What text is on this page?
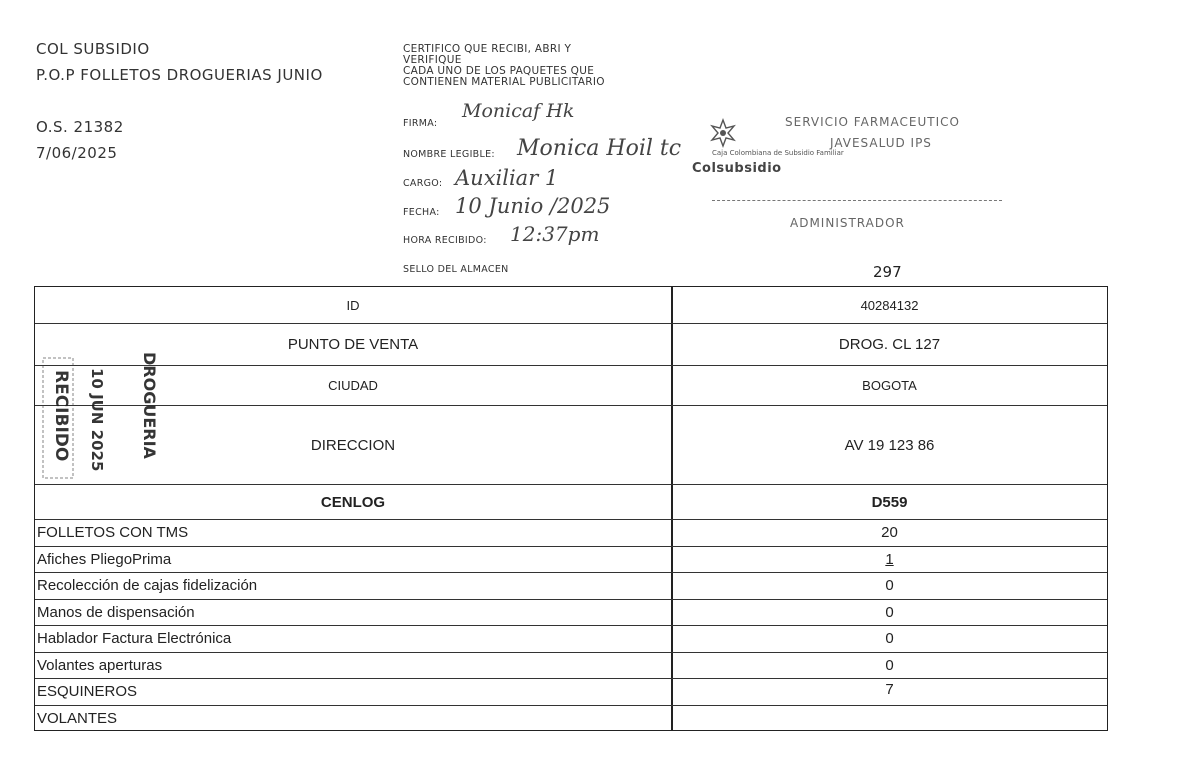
COL SUBSIDIO
P.O.P FOLLETOS DROGUERIAS JUNIO
O.S. 21382
7/06/2025
CERTIFICO QUE RECIBI, ABRI Y
VERIFIQUE
CADA UNO DE LOS PAQUETES QUE
CONTIENEN MATERIAL PUBLICITARIO
FIRMA:
Monicaf Hk
NOMBRE LEGIBLE: Monica Hoil tc
CARGO: Auxiliar 1
FECHA: 10 Junio /2025
HORA RECIBIDO: 12:37pm
SELLO DEL ALMACEN
Caja Colombiana de Subsidio Familiar
Colsubsidio
SERVICIO FARMACEUTICO
JAVESALUD IPS
ADMINISTRADOR
297
ID	40284132
PUNTO DE VENTA	DROG. CL 127
CIUDAD	BOGOTA
DIRECCION	AV 19 123 86
CENLOG	D559
FOLLETOS CON TMS	20
Afiches PliegoPrima	1
Recolección de cajas fidelización	0
Manos de dispensación	0
Hablador Factura Electrónica	0
Volantes aperturas	0
ESQUINEROS	7
VOLANTES
RECIBIDO 10 JUN 2025 DROGUERIA
